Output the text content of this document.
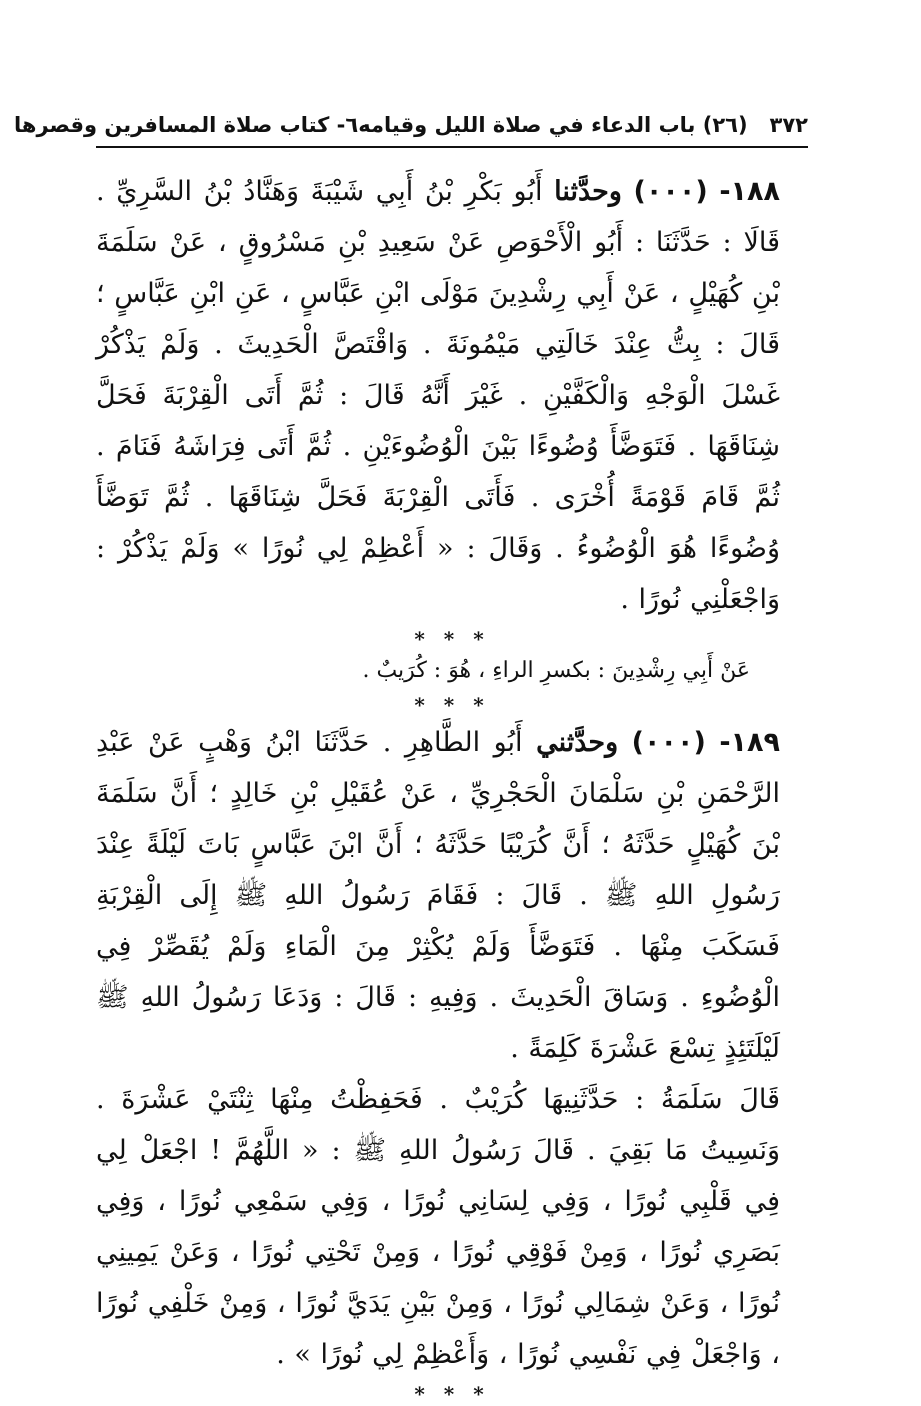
٣٧٢   (٢٦) باب الدعاء في صلاة الليل وقيامه
٦- كتاب صلاة المسافرين وقصرها

١٨٨- (٠٠٠) وحدَّثنا أَبُو بَكْرِ بْنُ أَبِي شَيْبَةَ وَهَنَّادُ بْنُ السَّرِيِّ . قَالَا : حَدَّثَنَا : أَبُو الْأَحْوَصِ عَنْ سَعِيدِ بْنِ مَسْرُوقٍ ، عَنْ سَلَمَةَ بْنِ كُهَيْلٍ ، عَنْ أَبِي رِشْدِينَ مَوْلَى ابْنِ عَبَّاسٍ ، عَنِ ابْنِ عَبَّاسٍ ؛ قَالَ : بِتُّ عِنْدَ خَالَتِي مَيْمُونَةَ . وَاقْتَصَّ الْحَدِيثَ . وَلَمْ يَذْكُرْ غَسْلَ الْوَجْهِ وَالْكَفَّيْنِ . غَيْرَ أَنَّهُ قَالَ : ثُمَّ أَتَى الْقِرْبَةَ فَحَلَّ شِنَاقَهَا . فَتَوَضَّأَ وُضُوءًا بَيْنَ الْوُضُوءَيْنِ . ثُمَّ أَتَى فِرَاشَهُ فَنَامَ . ثُمَّ قَامَ قَوْمَةً أُخْرَى . فَأَتَى الْقِرْبَةَ فَحَلَّ شِنَاقَهَا . ثُمَّ تَوَضَّأَ وُضُوءًا هُوَ الْوُضُوءُ . وَقَالَ : « أَعْظِمْ لِي نُورًا » وَلَمْ يَذْكُرْ : وَاجْعَلْنِي نُورًا .

* * *

عَنْ أَبِي رِشْدِينَ : بكسرِ الراءِ ، هُوَ : كُرَيبٌ .

* * *

١٨٩- (٠٠٠) وحدَّثني أَبُو الطَّاهِرِ . حَدَّثَنَا ابْنُ وَهْبٍ عَنْ عَبْدِ الرَّحْمَنِ بْنِ سَلْمَانَ الْحَجْرِيِّ ، عَنْ عُقَيْلِ بْنِ خَالِدٍ ؛ أَنَّ سَلَمَةَ بْنَ كُهَيْلٍ حَدَّثَهُ ؛ أَنَّ كُرَيْبًا حَدَّثَهُ ؛ أَنَّ ابْنَ عَبَّاسٍ بَاتَ لَيْلَةً عِنْدَ رَسُولِ اللهِ ﷺ . قَالَ : فَقَامَ رَسُولُ اللهِ ﷺ إِلَى الْقِرْبَةِ فَسَكَبَ مِنْهَا . فَتَوَضَّأَ وَلَمْ يُكْثِرْ مِنَ الْمَاءِ وَلَمْ يُقَصِّرْ فِي الْوُضُوءِ . وَسَاقَ الْحَدِيثَ . وَفِيهِ : قَالَ : وَدَعَا رَسُولُ اللهِ ﷺ لَيْلَتَئِذٍ تِسْعَ عَشْرَةَ كَلِمَةً .

قَالَ سَلَمَةُ : حَدَّثَنِيهَا كُرَيْبٌ . فَحَفِظْتُ مِنْهَا ثِنْتَيْ عَشْرَةَ . وَنَسِيتُ مَا بَقِيَ . قَالَ رَسُولُ اللهِ ﷺ : « اللَّهُمَّ ! اجْعَلْ لِي فِي قَلْبِي نُورًا ، وَفِي لِسَانِي نُورًا ، وَفِي سَمْعِي نُورًا ، وَفِي بَصَرِي نُورًا ، وَمِنْ فَوْقِي نُورًا ، وَمِنْ تَحْتِي نُورًا ، وَعَنْ يَمِينِي نُورًا ، وَعَنْ شِمَالِي نُورًا ، وَمِنْ بَيْنِ يَدَيَّ نُورًا ، وَمِنْ خَلْفِي نُورًا ، وَاجْعَلْ فِي نَفْسِي نُورًا ، وَأَعْظِمْ لِي نُورًا » .

* * *
